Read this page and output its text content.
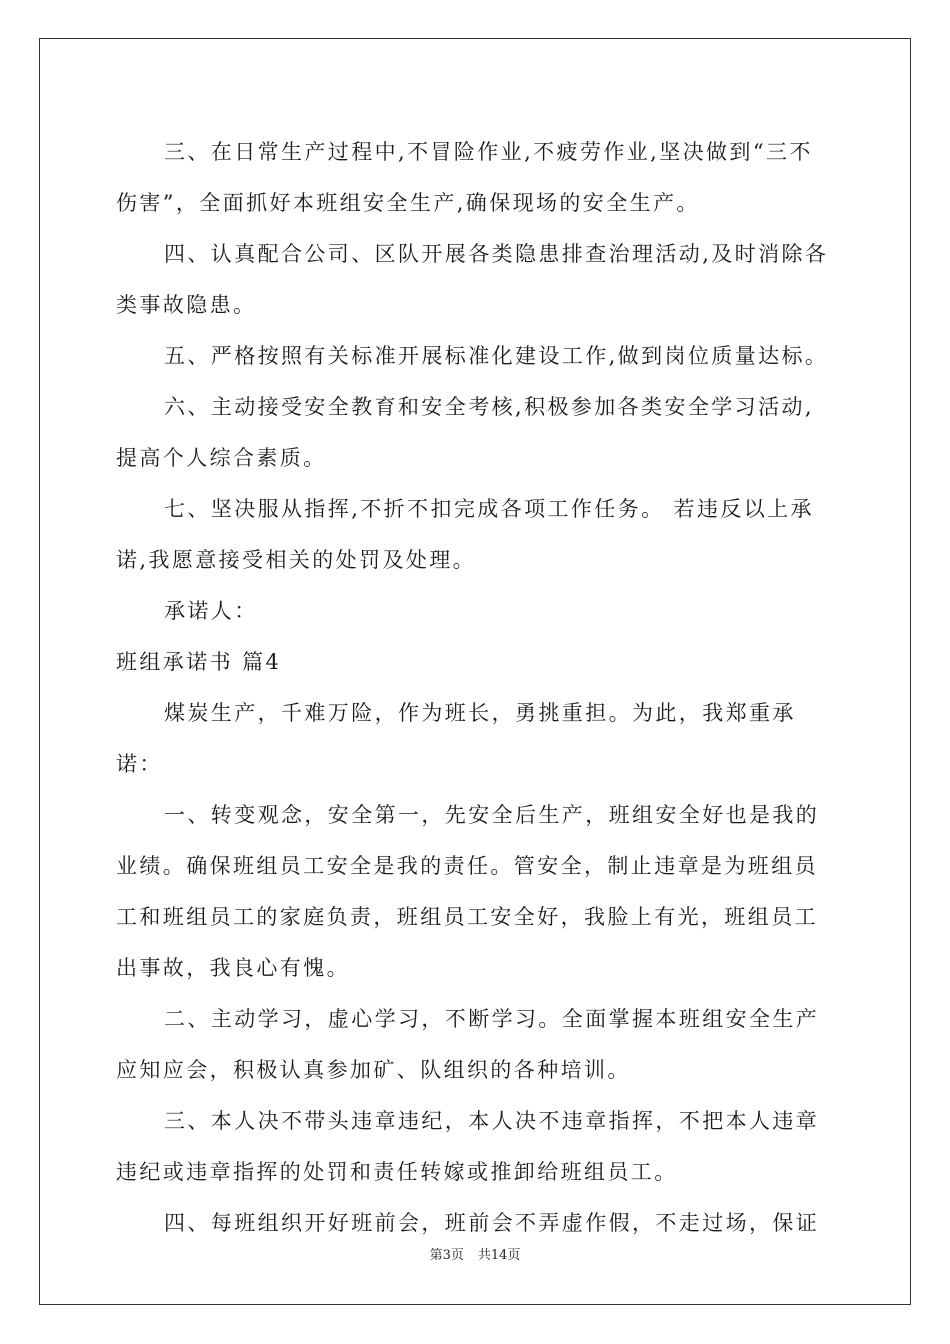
三、在日常生产过程中,不冒险作业,不疲劳作业,坚决做到“三不伤害”，全面抓好本班组安全生产,确保现场的安全生产。

四、认真配合公司、区队开展各类隐患排查治理活动,及时消除各类事故隐患。

五、严格按照有关标准开展标准化建设工作,做到岗位质量达标。

六、主动接受安全教育和安全考核,积极参加各类安全学习活动,提高个人综合素质。

七、坚决服从指挥,不折不扣完成各项工作任务。 若违反以上承诺,我愿意接受相关的处罚及处理。

承诺人：

班组承诺书 篇4

煤炭生产，千难万险，作为班长，勇挑重担。为此，我郑重承诺：

一、转变观念，安全第一，先安全后生产，班组安全好也是我的业绩。确保班组员工安全是我的责任。管安全，制止违章是为班组员工和班组员工的家庭负责，班组员工安全好，我脸上有光，班组员工出事故，我良心有愧。

二、主动学习，虚心学习，不断学习。全面掌握本班组安全生产应知应会，积极认真参加矿、队组织的各种培训。

三、本人决不带头违章违纪，本人决不违章指挥，不把本人违章违纪或违章指挥的处罚和责任转嫁或推卸给班组员工。

四、每班组织开好班前会，班前会不弄虚作假，不走过场，保证

第3页 共14页
